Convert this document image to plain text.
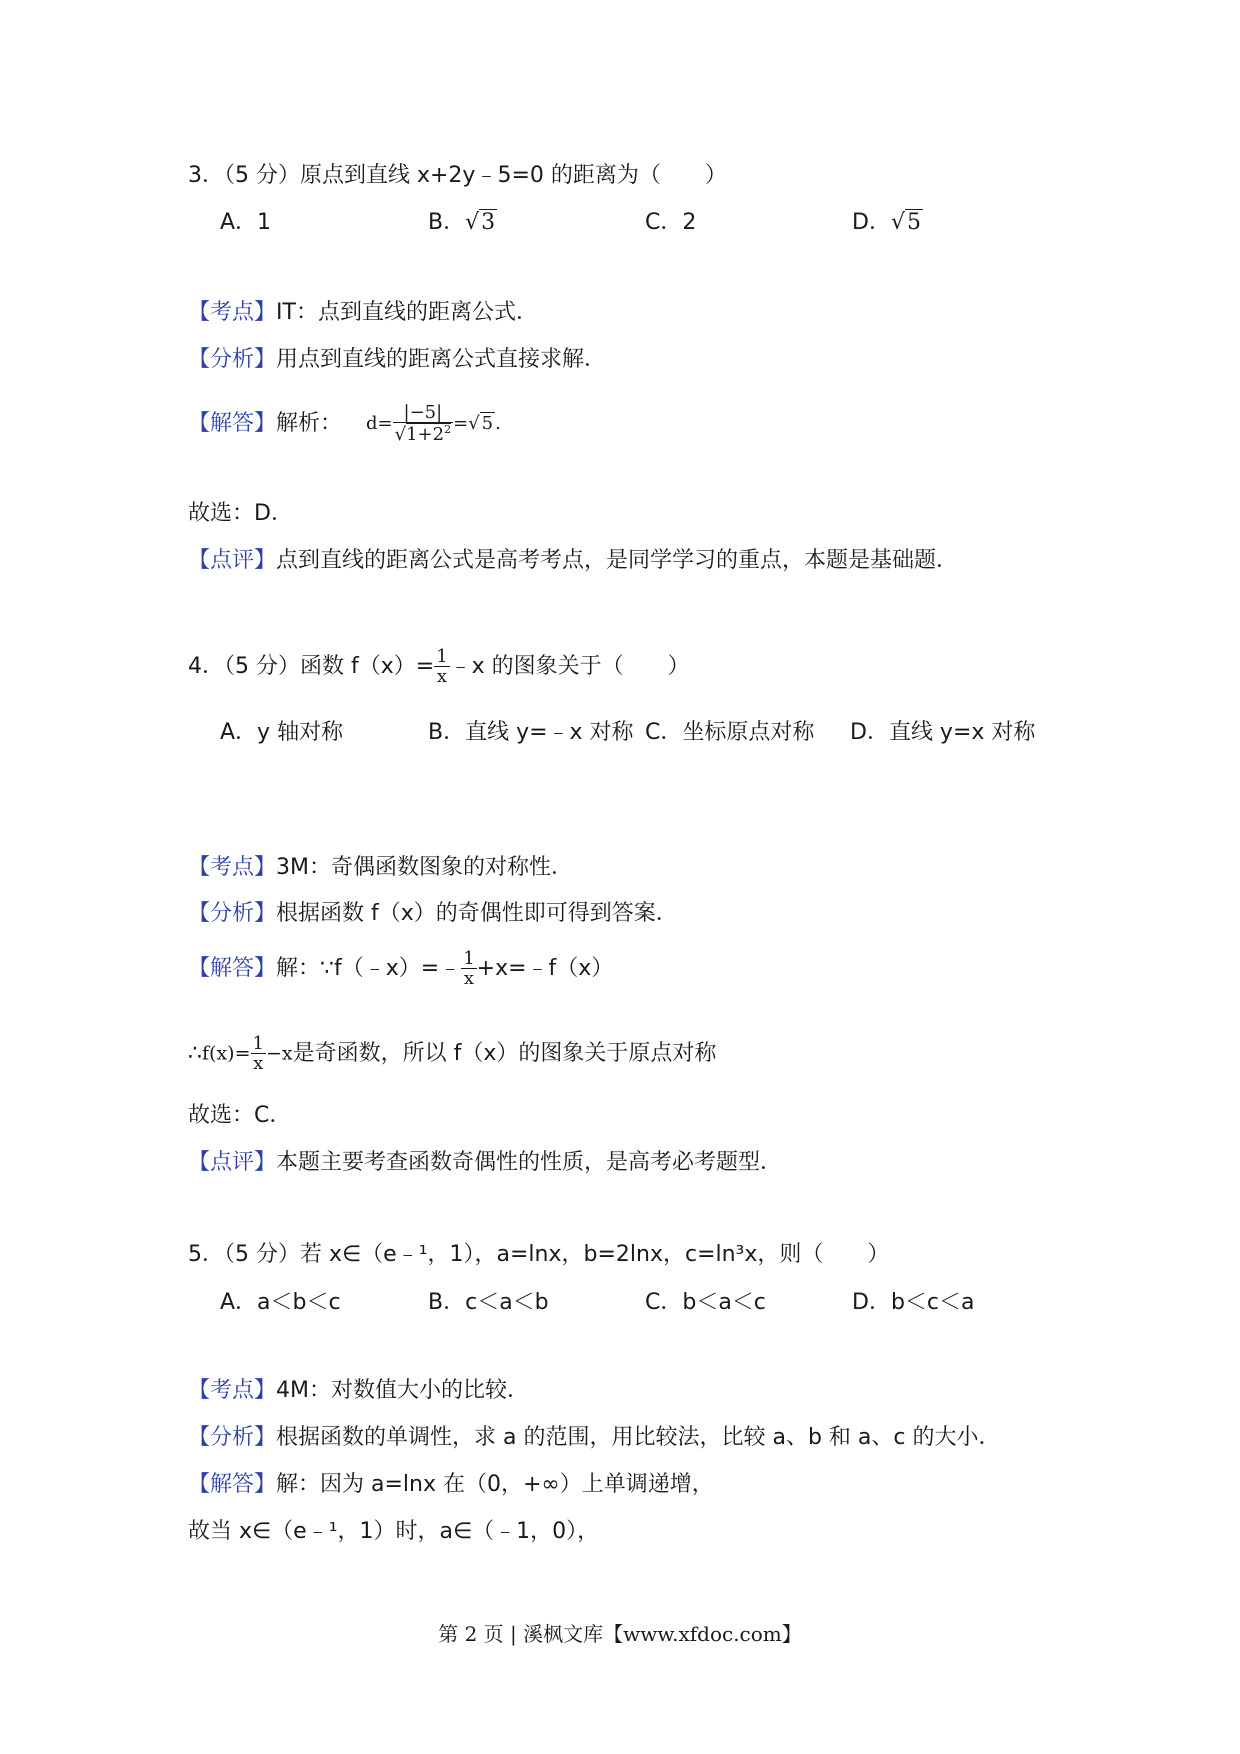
3．（5 分）原点到直线 x+2y﹣5=0 的距离为（　　）
A．1	B．√3	C．2	D．√5
【考点】IT：点到直线的距离公式．
【分析】用点到直线的距离公式直接求解．
【解答】解析： $d= \frac{|-5|}{√1+2^2}$ =√ 5 .
故选：D．
【点评】点到直线的距离公式是高考考点，是同学学习的重点，本题是基础题．
4．（5 分）函数 $f(x)= \frac{1}{x}$ ﹣x 的图象关于（　　）
A．y 轴对称	B．直线 y=﹣x 对称 C．坐标原点对称 D．直线 y=x 对称
【考点】3M：奇偶函数图象的对称性．
【分析】根据函数 f（x）的奇偶性即可得到答案．
【解答】解：∵f（﹣x）=﹣ $\frac{1}{x}$ +x=﹣f（x）
∴f(x)= $\frac{1}{x} -x$是奇函数，所以 f（x）的图象关于原点对称
故选：C．
【点评】本题主要考查函数奇偶性的性质，是高考必考题型．
5．（5 分）若 x∈（e﹣¹，1），a=lnx，b=2lnx，c=ln³x，则（　　）
A．a＜b＜c	B．c＜a＜b	C．b＜a＜c	D．b＜c＜a
【考点】4M：对数值大小的比较．
【分析】根据函数的单调性，求 a 的范围，用比较法，比较 a、b 和 a、c 的大小．
【解答】解：因为 a=lnx 在（0，+∞）上单调递增，
故当 x∈（e﹣¹，1）时，a∈（﹣1，0），
第 2 页 | 溪枫文库【www.xfdoc.com】
